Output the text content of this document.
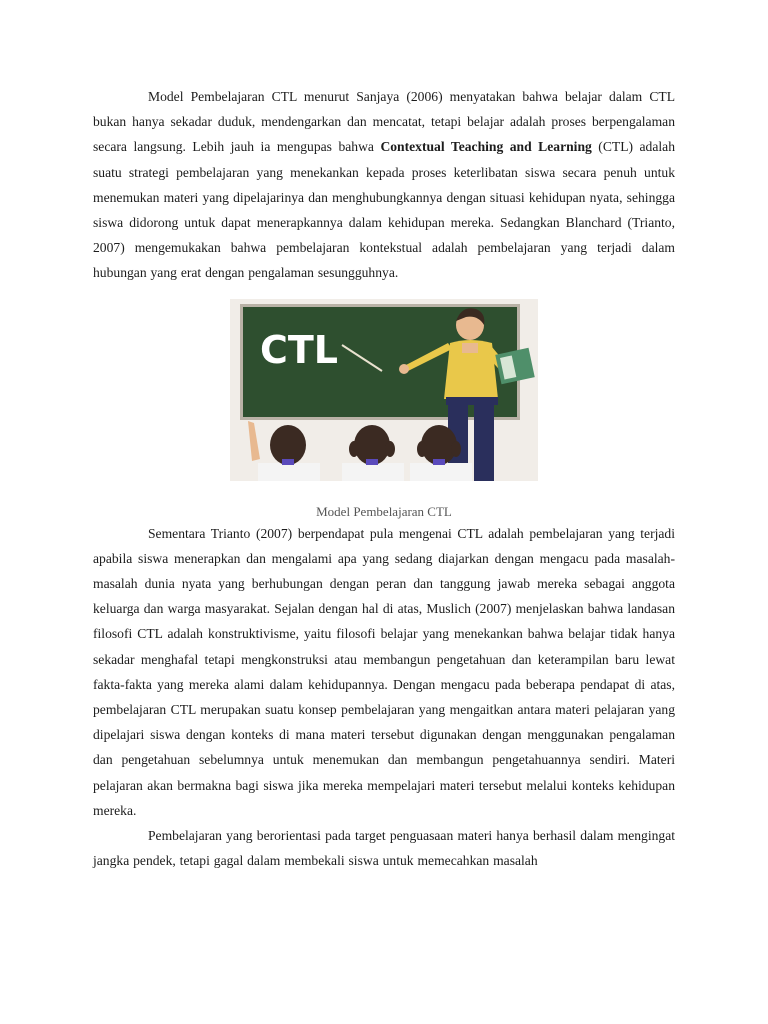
Model Pembelajaran CTL menurut Sanjaya (2006) menyatakan bahwa belajar dalam CTL bukan hanya sekadar duduk, mendengarkan dan mencatat, tetapi belajar adalah proses berpengalaman secara langsung. Lebih jauh ia mengupas bahwa Contextual Teaching and Learning (CTL) adalah suatu strategi pembelajaran yang menekankan kepada proses keterlibatan siswa secara penuh untuk menemukan materi yang dipelajarinya dan menghubungkannya dengan situasi kehidupan nyata, sehingga siswa didorong untuk dapat menerapkannya dalam kehidupan mereka. Sedangkan Blanchard (Trianto, 2007) mengemukakan bahwa pembelajaran kontekstual adalah pembelajaran yang terjadi dalam hubungan yang erat dengan pengalaman sesungguhnya.

CTL
Model Pembelajaran CTL

Sementara Trianto (2007) berpendapat pula mengenai CTL adalah pembelajaran yang terjadi apabila siswa menerapkan dan mengalami apa yang sedang diajarkan dengan mengacu pada masalah-masalah dunia nyata yang berhubungan dengan peran dan tanggung jawab mereka sebagai anggota keluarga dan warga masyarakat. Sejalan dengan hal di atas, Muslich (2007) menjelaskan bahwa landasan filosofi CTL adalah konstruktivisme, yaitu filosofi belajar yang menekankan bahwa belajar tidak hanya sekadar menghafal tetapi mengkonstruksi atau membangun pengetahuan dan keterampilan baru lewat fakta-fakta yang mereka alami dalam kehidupannya. Dengan mengacu pada beberapa pendapat di atas, pembelajaran CTL merupakan suatu konsep pembelajaran yang mengaitkan antara materi pelajaran yang dipelajari siswa dengan konteks di mana materi tersebut digunakan dengan menggunakan pengalaman dan pengetahuan sebelumnya untuk menemukan dan membangun pengetahuannya sendiri. Materi pelajaran akan bermakna bagi siswa jika mereka mempelajari materi tersebut melalui konteks kehidupan mereka.

Pembelajaran yang berorientasi pada target penguasaan materi hanya berhasil dalam mengingat jangka pendek, tetapi gagal dalam membekali siswa untuk memecahkan masalah
